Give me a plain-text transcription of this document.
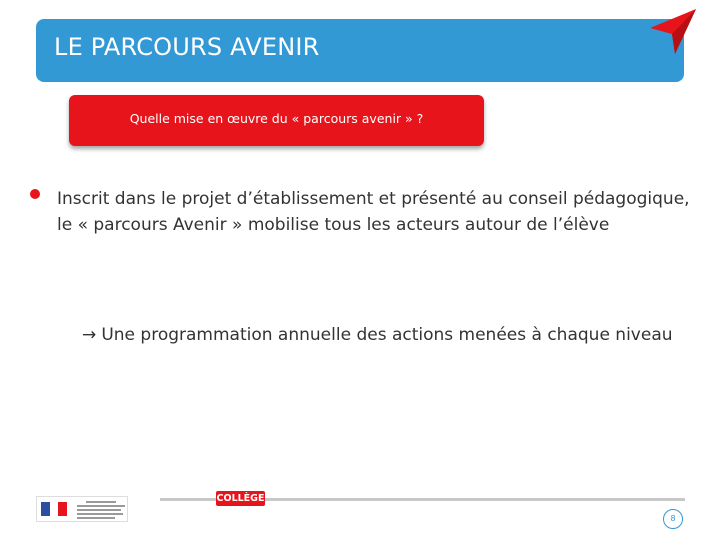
LE PARCOURS AVENIR
Quelle mise en œuvre du « parcours avenir » ?

Inscrit dans le projet d’établissement et présenté au conseil pédagogique, le « parcours Avenir » mobilise tous les acteurs autour de l’élève

→ Une programmation annuelle des actions menées à chaque niveau
COLLÈGE
8
